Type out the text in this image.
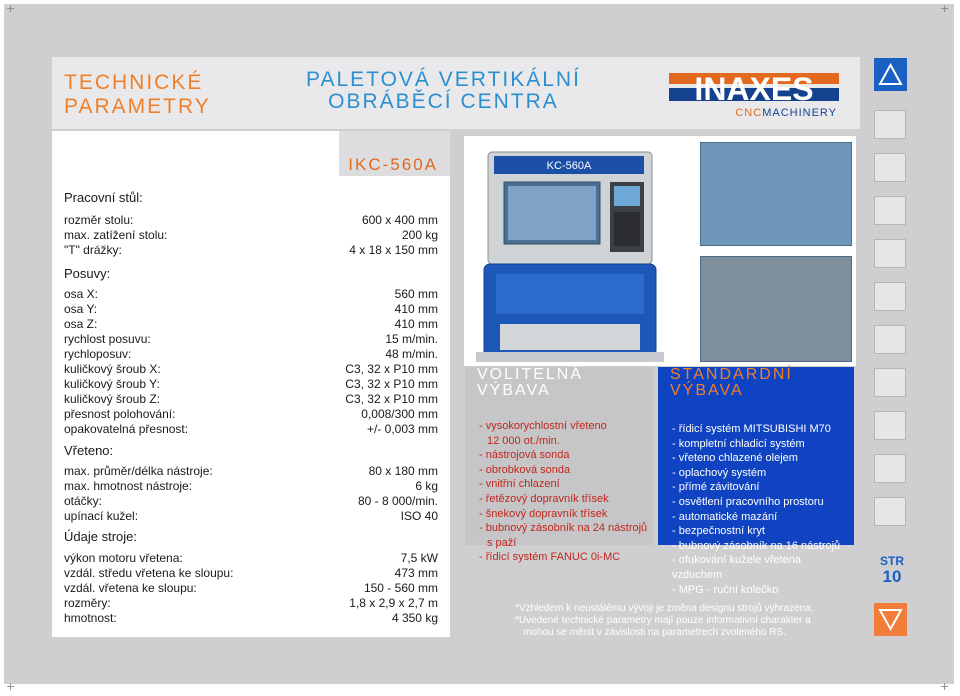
+	+
+	+
TECHNICKÉ
PARAMETRY
PALETOVÁ VERTIKÁLNÍ
OBRÁBĚCÍ CENTRA	INAXES
CNCMACHINERY
IKC-560A
Pracovní stůl:
rozměr stolu:	600 x 400 mm
max. zatížení stolu:	200 kg
"T" drážky:	4 x 18 x 150 mm
Posuvy:
osa X:	560 mm
osa Y:	410 mm
osa Z:	410 mm
rychlost posuvu:	15 m/min.
rychloposuv:	48 m/min.
kuličkový šroub X:	C3, 32 x P10 mm
kuličkový šroub Y:	C3, 32 x P10 mm
kuličkový šroub Z:	C3, 32 x P10 mm
přesnost polohování:	0,008/300 mm
opakovatelná přesnost:	+/- 0,003 mm
Vřeteno:
max. průměr/délka nástroje:	80 x 180 mm
max. hmotnost nástroje:	6 kg
otáčky:	80 - 8 000/min.
upínací kužel:	ISO 40
Údaje stroje:
výkon motoru vřetena:	7,5 kW
vzdál. středu vřetena ke sloupu:	473 mm
vzdál. vřetena ke sloupu:	150 - 560 mm
rozměry:	1,8 x 2,9 x 2,7 m
hmotnost:	4 350 kg
KC-560A
VOLITELNÁ
VÝBAVA
- vysokorychlostní vřeteno
12 000 ot./min.
- nástrojová sonda
- obrobková sonda
- vnitřní chlazení
- řetězový dopravník třísek
- šnekový dopravník třísek
- bubnový zásobník na 24 nástrojů
s paží
- řídicí systém FANUC 0i-MC
STANDARDNÍ
VÝBAVA
- řídicí systém MITSUBISHI M70
- kompletní chladicí systém
- vřeteno chlazené olejem
- oplachový systém
- přímé závitování
- osvětlení pracovního prostoru
- automatické mazání
- bezpečnostní kryt
- bubnový zásobník na 16 nástrojů
- ofukování kužele vřetena vzduchem
- MPG - ruční kolečko
*Vzhledem k neustálému vývoji je změna designu strojů vyhrazena.
*Uvedené technické parametry mají pouze informativní charakter a
mohou se měnit v závislosti na parametrech zvoleného RS.
STR
10
